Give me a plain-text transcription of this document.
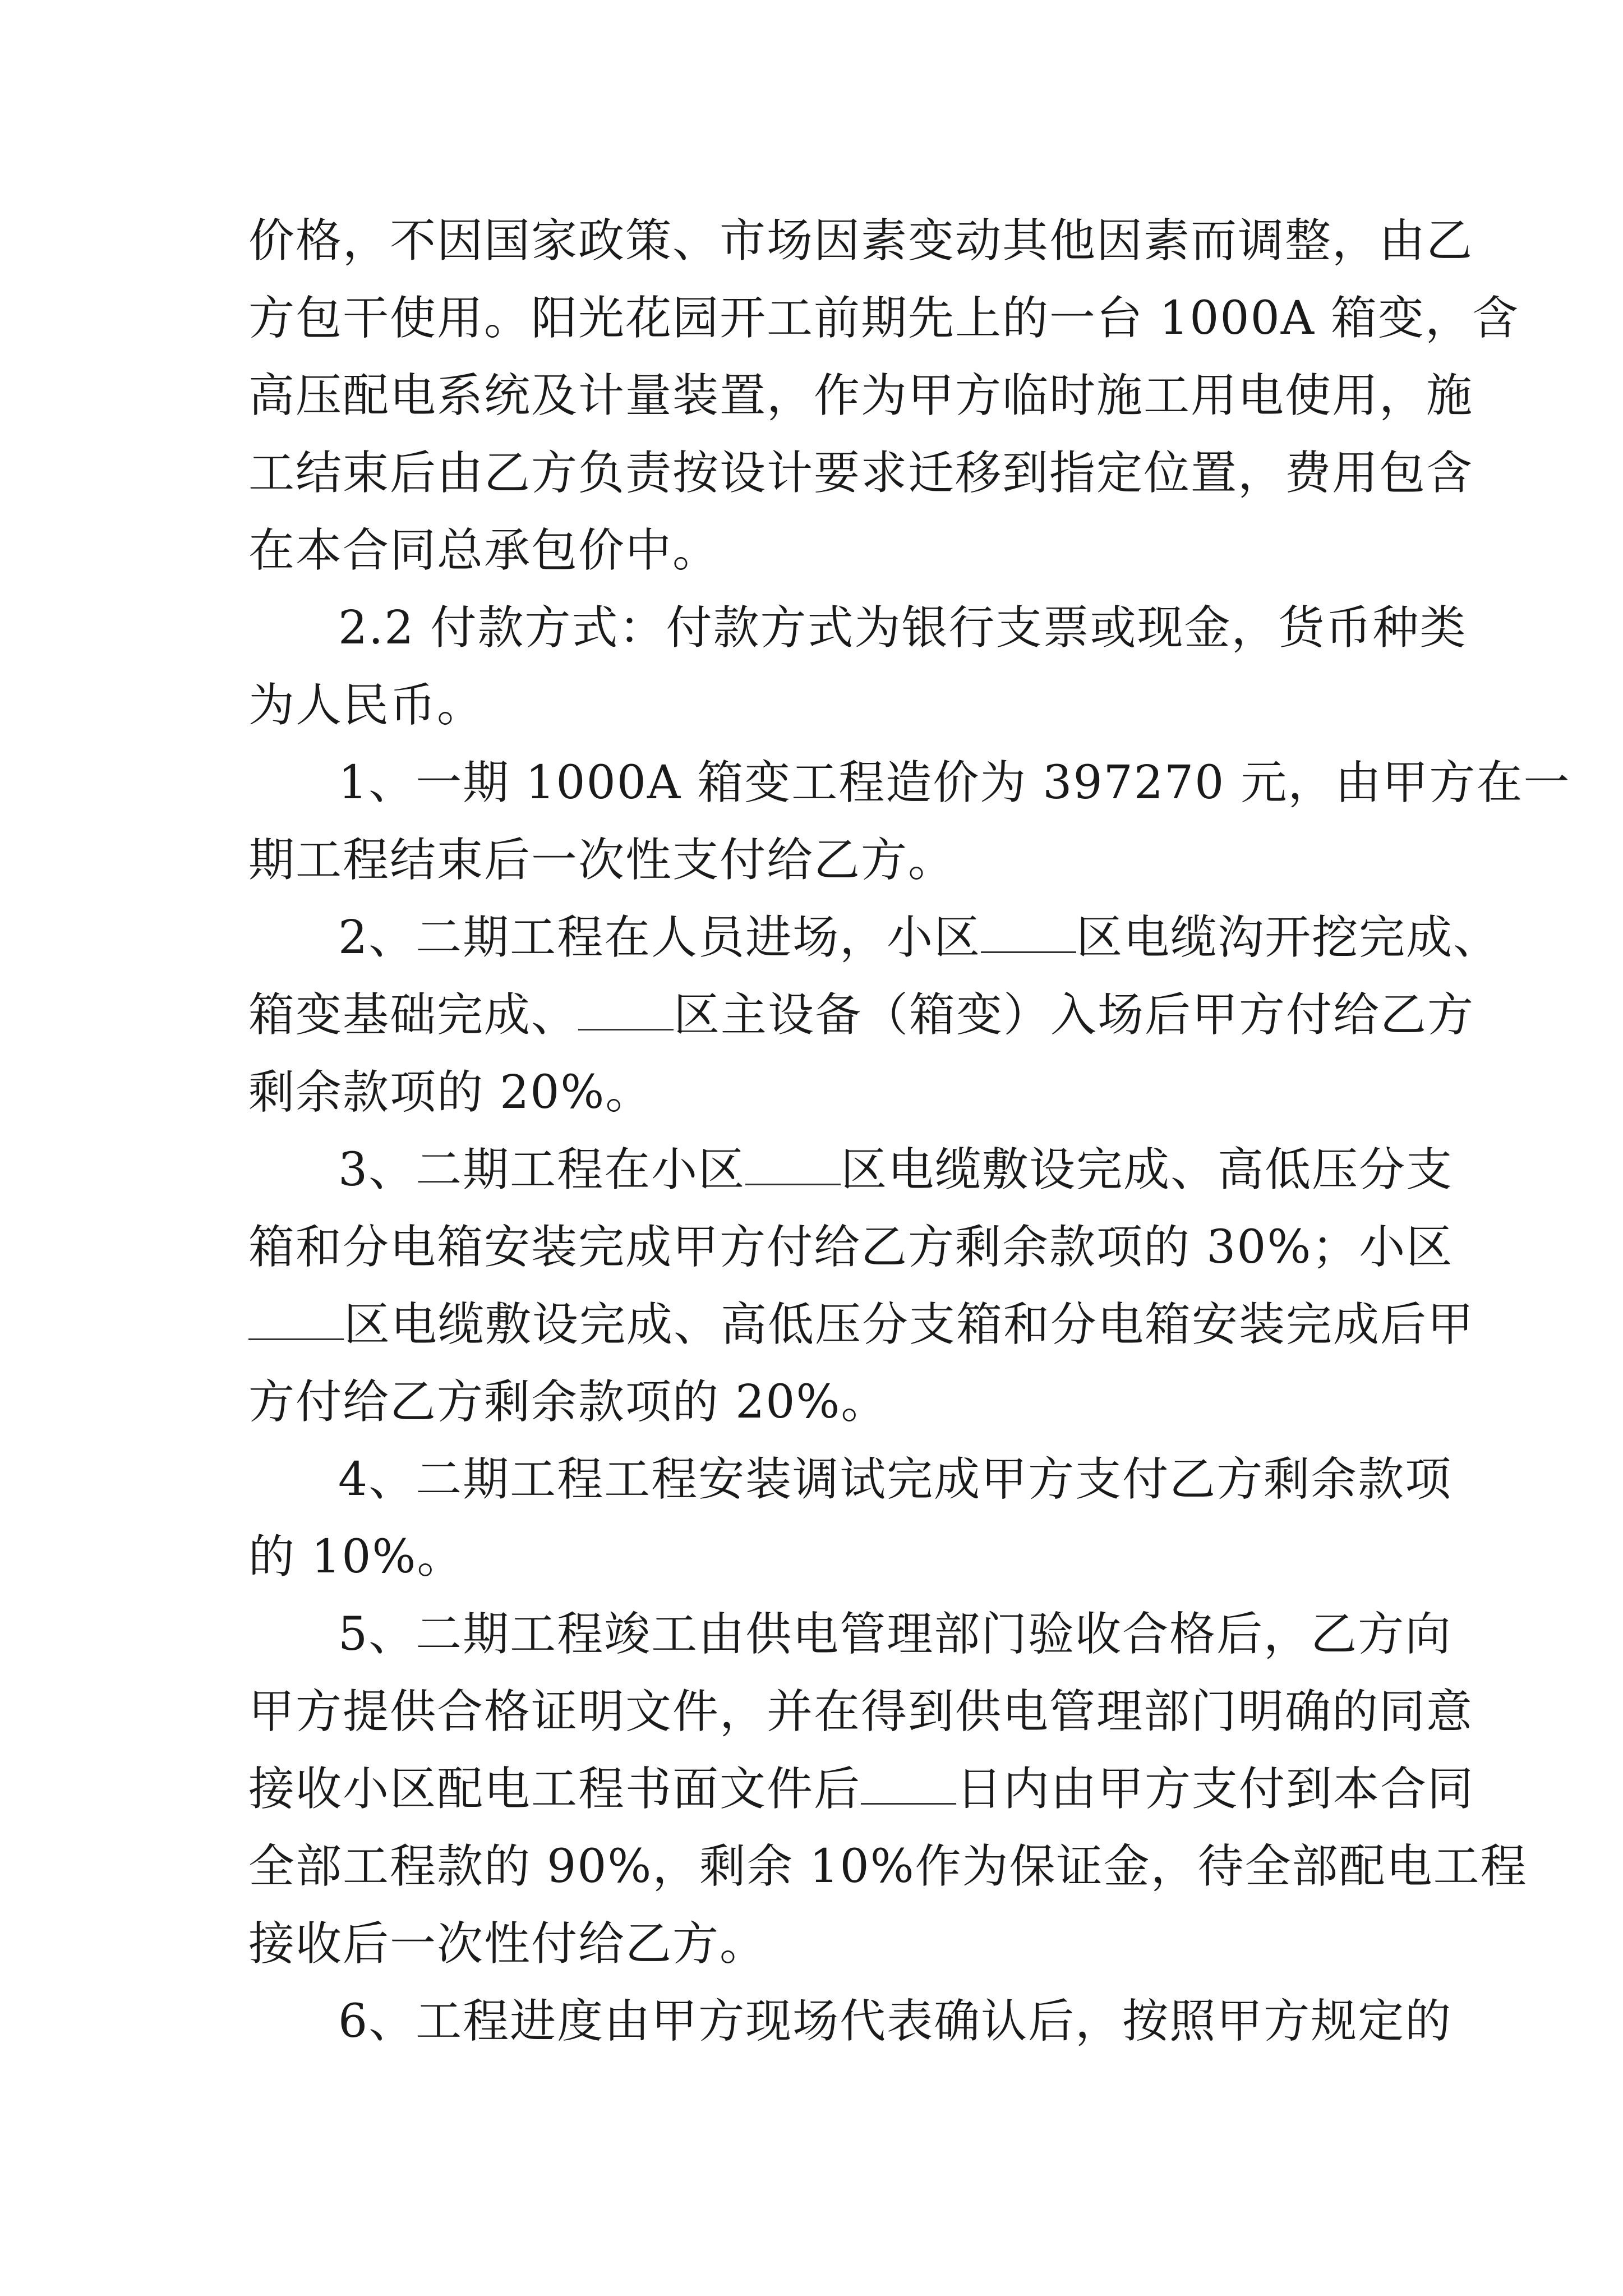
价格，不因国家政策、市场因素变动其他因素而调整，由乙
方包干使用。阳光花园开工前期先上的一台 1000A 箱变，含
高压配电系统及计量装置，作为甲方临时施工用电使用，施
工结束后由乙方负责按设计要求迁移到指定位置，费用包含
在本合同总承包价中。
2.2 付款方式：付款方式为银行支票或现金，货币种类
为人民币。
1、一期 1000A 箱变工程造价为 397270 元，由甲方在一
期工程结束后一次性支付给乙方。
2、二期工程在人员进场，小区 区电缆沟开挖完成、
箱变基础完成、 区主设备（箱变）入场后甲方付给乙方
剩余款项的 20%。
3、二期工程在小区 区电缆敷设完成、高低压分支
箱和分电箱安装完成甲方付给乙方剩余款项的 30%；小区
区电缆敷设完成、高低压分支箱和分电箱安装完成后甲
方付给乙方剩余款项的 20%。
4、二期工程工程安装调试完成甲方支付乙方剩余款项
的 10%。
5、二期工程竣工由供电管理部门验收合格后，乙方向
甲方提供合格证明文件，并在得到供电管理部门明确的同意
接收小区配电工程书面文件后 日内由甲方支付到本合同
全部工程款的 90%，剩余 10%作为保证金，待全部配电工程
接收后一次性付给乙方。
6、工程进度由甲方现场代表确认后，按照甲方规定的
